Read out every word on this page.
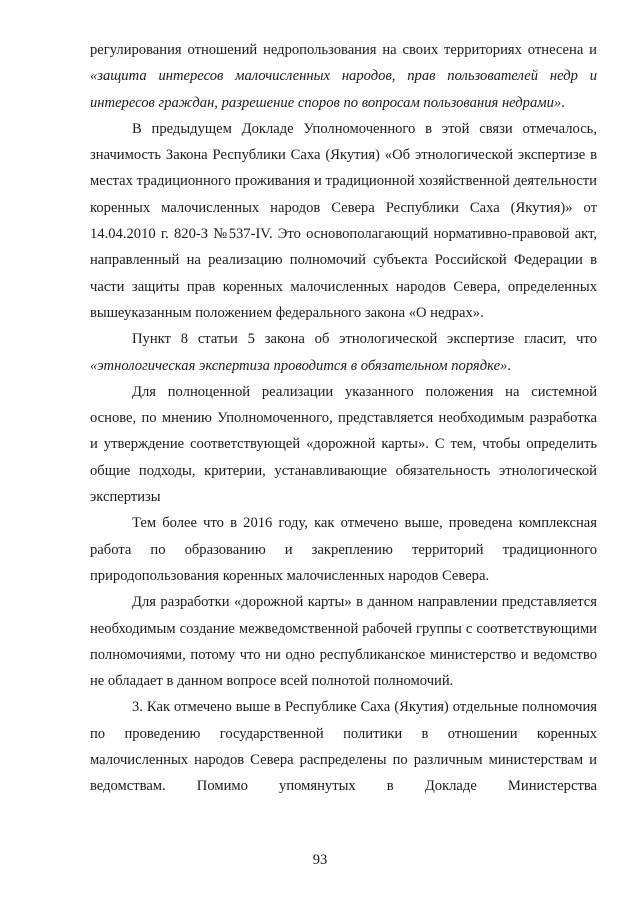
регулирования отношений недропользования на своих территориях отнесена и «защита интересов малочисленных народов, прав пользователей недр и интересов граждан, разрешение споров по вопросам пользования недрами».

В предыдущем Докладе Уполномоченного в этой связи отмечалось, значимость Закона Республики Саха (Якутия) «Об этнологической экспертизе в местах традиционного проживания и традиционной хозяйственной деятельности коренных малочисленных народов Севера Республики Саха (Якутия)» от 14.04.2010 г. 820-З №537-IV. Это основополагающий нормативно-правовой акт, направленный на реализацию полномочий субъекта Российской Федерации в части защиты прав коренных малочисленных народов Севера, определенных вышеуказанным положением федерального закона «О недрах».

Пункт 8 статьи 5 закона об этнологической экспертизе гласит, что «этнологическая экспертиза проводится в обязательном порядке».

Для полноценной реализации указанного положения на системной основе, по мнению Уполномоченного, представляется необходимым разработка и утверждение соответствующей «дорожной карты». С тем, чтобы определить общие подходы, критерии, устанавливающие обязательность этнологической экспертизы

Тем более что в 2016 году, как отмечено выше, проведена комплексная работа по образованию и закреплению территорий традиционного природопользования коренных малочисленных народов Севера.

Для разработки «дорожной карты» в данном направлении представляется необходимым создание межведомственной рабочей группы с соответствующими полномочиями, потому что ни одно республиканское министерство и ведомство не обладает в данном вопросе всей полнотой полномочий.

3. Как отмечено выше в Республике Саха (Якутия) отдельные полномочия по проведению государственной политики в отношении коренных малочисленных народов Севера распределены по различным министерствам и ведомствам. Помимо упомянутых в Докладе Министерства

93
